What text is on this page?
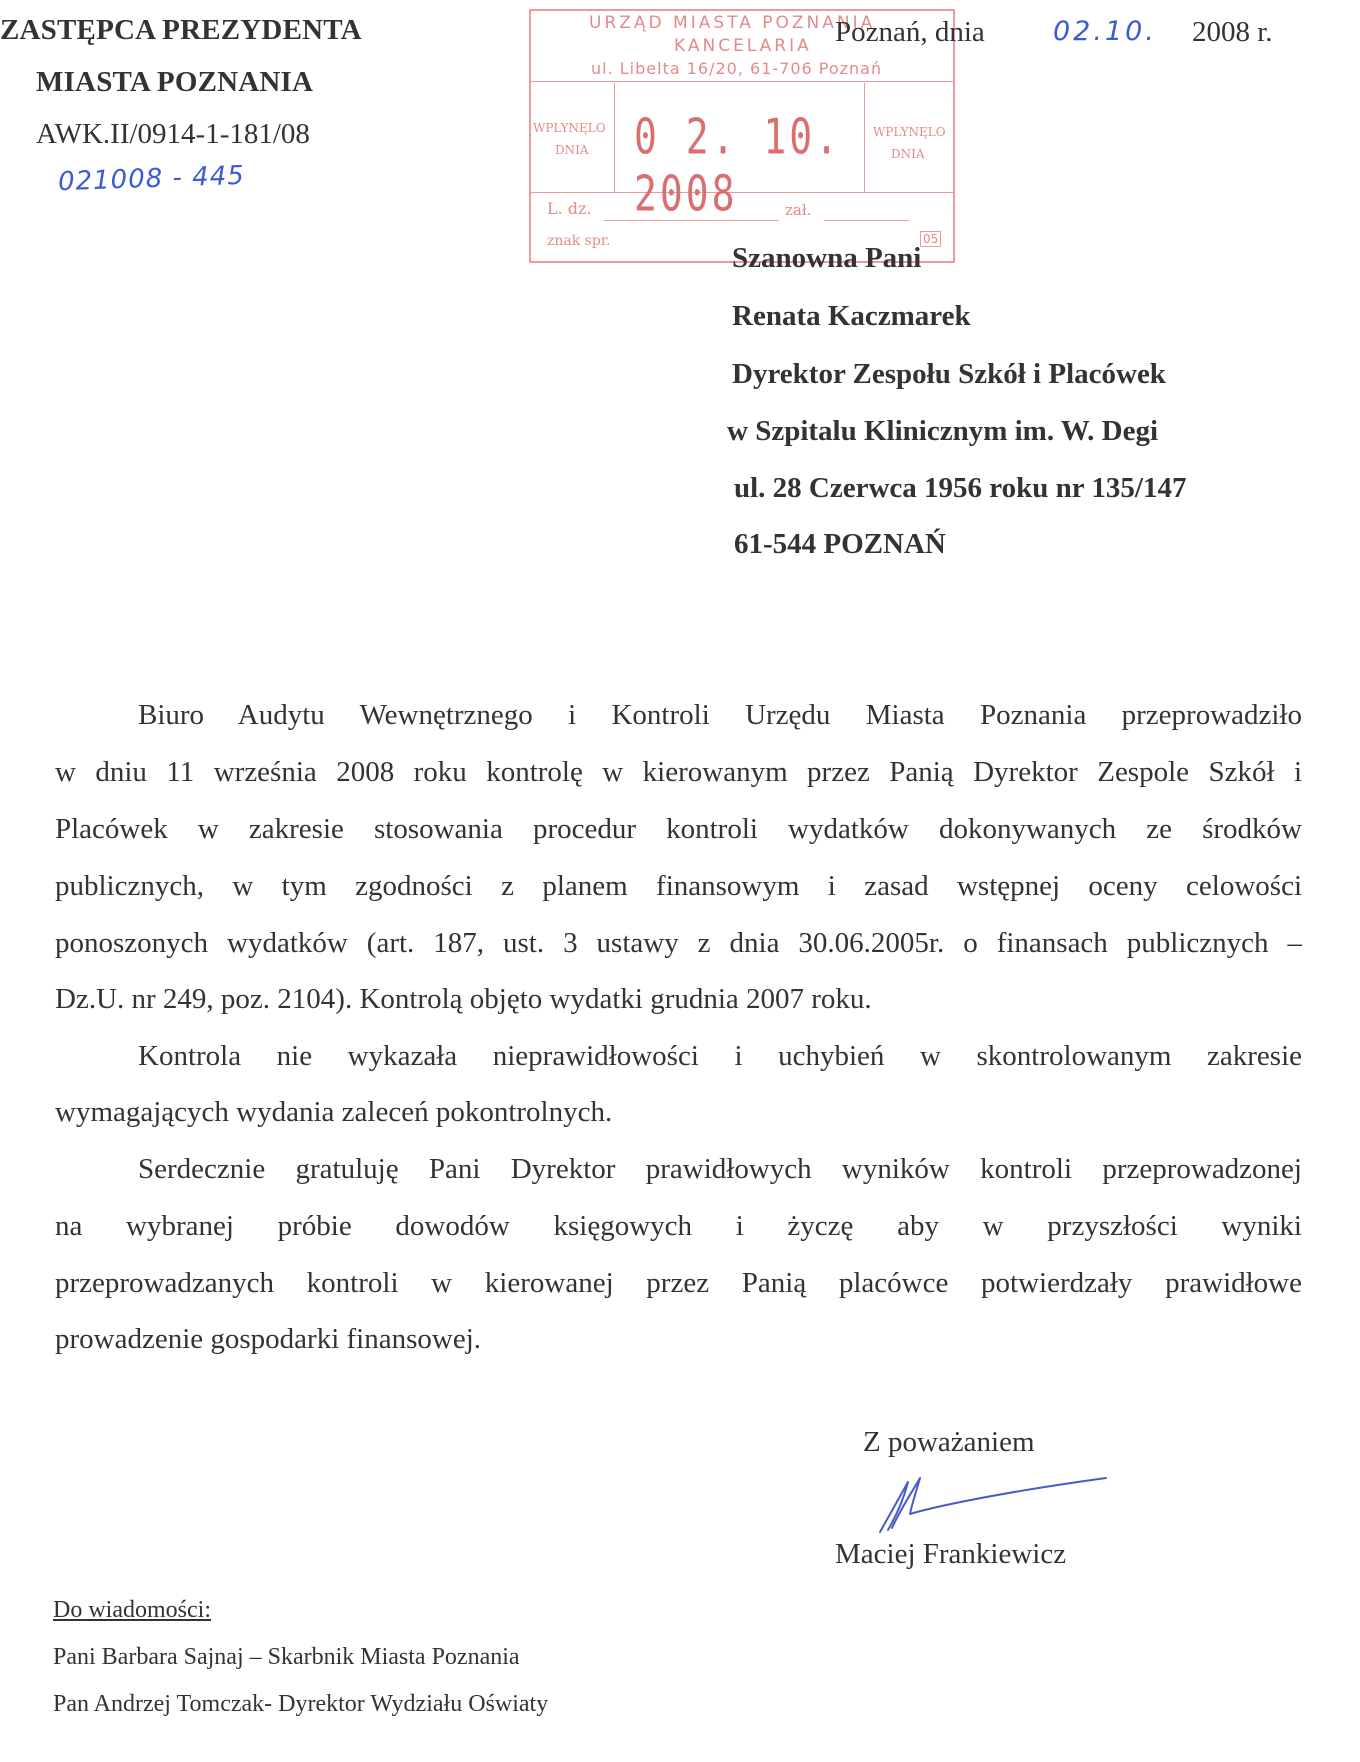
ZASTĘPCA PREZYDENTA
MIASTA POZNANIA
AWK.II/0914-1-181/08
021008 - 445
URZĄD MIASTA POZNANIA
KANCELARIA
ul. Libelta 16/20, 61-706 Poznań
WPLYNĘLO
DNIA 0 2. 10. 2008
WPLYNĘLO
DNIA
L. dz.	zał.
znak spr.	05
Poznań, dnia	02.10. 2008 r.
Szanowna Pani
Renata Kaczmarek
Dyrektor Zespołu Szkół i Placówek
w Szpitalu Klinicznym im. W. Degi
ul. 28 Czerwca 1956 roku nr 135/147
61-544 POZNAŃ
Biuro Audytu Wewnętrznego i Kontroli Urzędu Miasta Poznania przeprowadziło
w dniu 11 września 2008 roku kontrolę w kierowanym przez Panią Dyrektor Zespole Szkół i
Placówek w zakresie stosowania procedur kontroli wydatków dokonywanych ze środków
publicznych, w tym zgodności z planem finansowym i zasad wstępnej oceny celowości
ponoszonych wydatków (art. 187, ust. 3 ustawy z dnia 30.06.2005r. o finansach publicznych –
Dz.U. nr 249, poz. 2104). Kontrolą objęto wydatki grudnia 2007 roku.
Kontrola nie wykazała nieprawidłowości i uchybień w skontrolowanym zakresie
wymagających wydania zaleceń pokontrolnych.
Serdecznie gratuluję Pani Dyrektor prawidłowych wyników kontroli przeprowadzonej
na wybranej próbie dowodów księgowych i życzę aby w przyszłości wyniki
przeprowadzanych kontroli w kierowanej przez Panią placówce potwierdzały prawidłowe
prowadzenie gospodarki finansowej.
Z poważaniem
Maciej Frankiewicz
Do wiadomości:
Pani Barbara Sajnaj – Skarbnik Miasta Poznania
Pan Andrzej Tomczak- Dyrektor Wydziału Oświaty
